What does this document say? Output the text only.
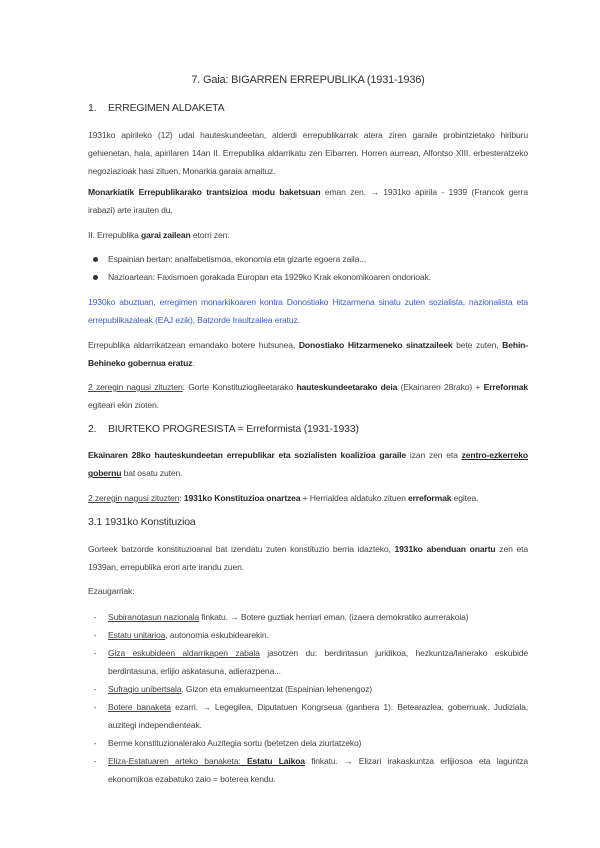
7. Gaia: BIGARREN ERREPUBLIKA (1931-1936)
1. ERREGIMEN ALDAKETA
1931ko apirileko (12) udal hauteskundeetan, alderdi errepublikarrak atera ziren garaile probintzietako hiriburu gehienetan, hala, apirilaren 14an II. Errepublika aldarrikatu zen Eibarren. Horren aurrean, Alfontso XIII. erbesteratzeko negoziazioak hasi zituen, Monarkia garaia amaituz.
Monarkiatik Errepublikarako trantsizioa modu baketsuan eman zen. → 1931ko apirila - 1939 (Francok gerra irabazi) arte irauten du.
II. Errepublika garai zailean etorri zen.
Espainian bertan: analfabetismoa, ekonomia eta gizarte egoera zaila...
Nazioartean: Faxismoen gorakada Europan eta 1929ko Krak ekonomikoaren ondorioak.
1930ko abuztuan, erregimen monarkikoaren kontra Donostiako Hitzarmena sinatu zuten sozialista, nazionalista eta errepublikazaleak (EAJ ezik), Batzorde Iraultzailea eratuz.
Errepublika aldarrikatzean emandako botere hutsunea, Donostiako Hitzarmeneko sinatzaileek bete zuten, Behin-Behineko gobernua eratuz.
2 zeregin nagusi zituzten: Gorte Konstituziogileetarako hauteskundeetarako deia (Ekainaren 28rako) + Erreformak egiteari ekin zioten.
2. BIURTEKO PROGRESISTA = Erreformista (1931-1933)
Ekainaren 28ko hauteskundeetan errepublikar eta sozialisten koalizioa garaile izan zen eta zentro-ezkerreko gobernu bat osatu zuten.
2 zeregin nagusi zituzten: 1931ko Konstituzioa onartzea + Herrialdea aldatuko zituen erreformak egitea.
3.1 1931ko Konstituzioa
Gorteek batzorde konstituzioanal bat izendatu zuten konstituzio berria idazteko, 1931ko abenduan onartu zen eta 1939an, errepublika erori arte irandu zuen.
Ezaugarriak:
-	Subiranotasun nazionala finkatu. → Botere guztiak herriari eman. (izaera demokratiko aurrerakoia)
-	Estatu unitarioa, autonomia eskubidearekin.
-	Giza eskubideen aldarrikapen zabala jasotzen du: berdintasun juridikoa, hezkuntza/lanerako eskubide berdintasuna, erlijio askatasuna, adierazpena...
-	Sufragio unibertsala. Gizon eta emakumeentzat (Espainian lehenengoz)
-	Botere banaketa ezarri. → Legegilea, Diputatuen Kongrseua (ganbera 1). Betearazlea, gobernuak. Judiziala, auzitegi independienteak.
-	Berme konstituzionalerako Auzitegia sortu (betetzen dela ziurtatzeko)
-	Eliza-Estatuaren arteko banaketa: Estatu Laikoa finkatu. → Elizari irakaskuntza erlijiosoa eta laguntza ekonomikoa ezabatuko zaio = boterea kendu.
